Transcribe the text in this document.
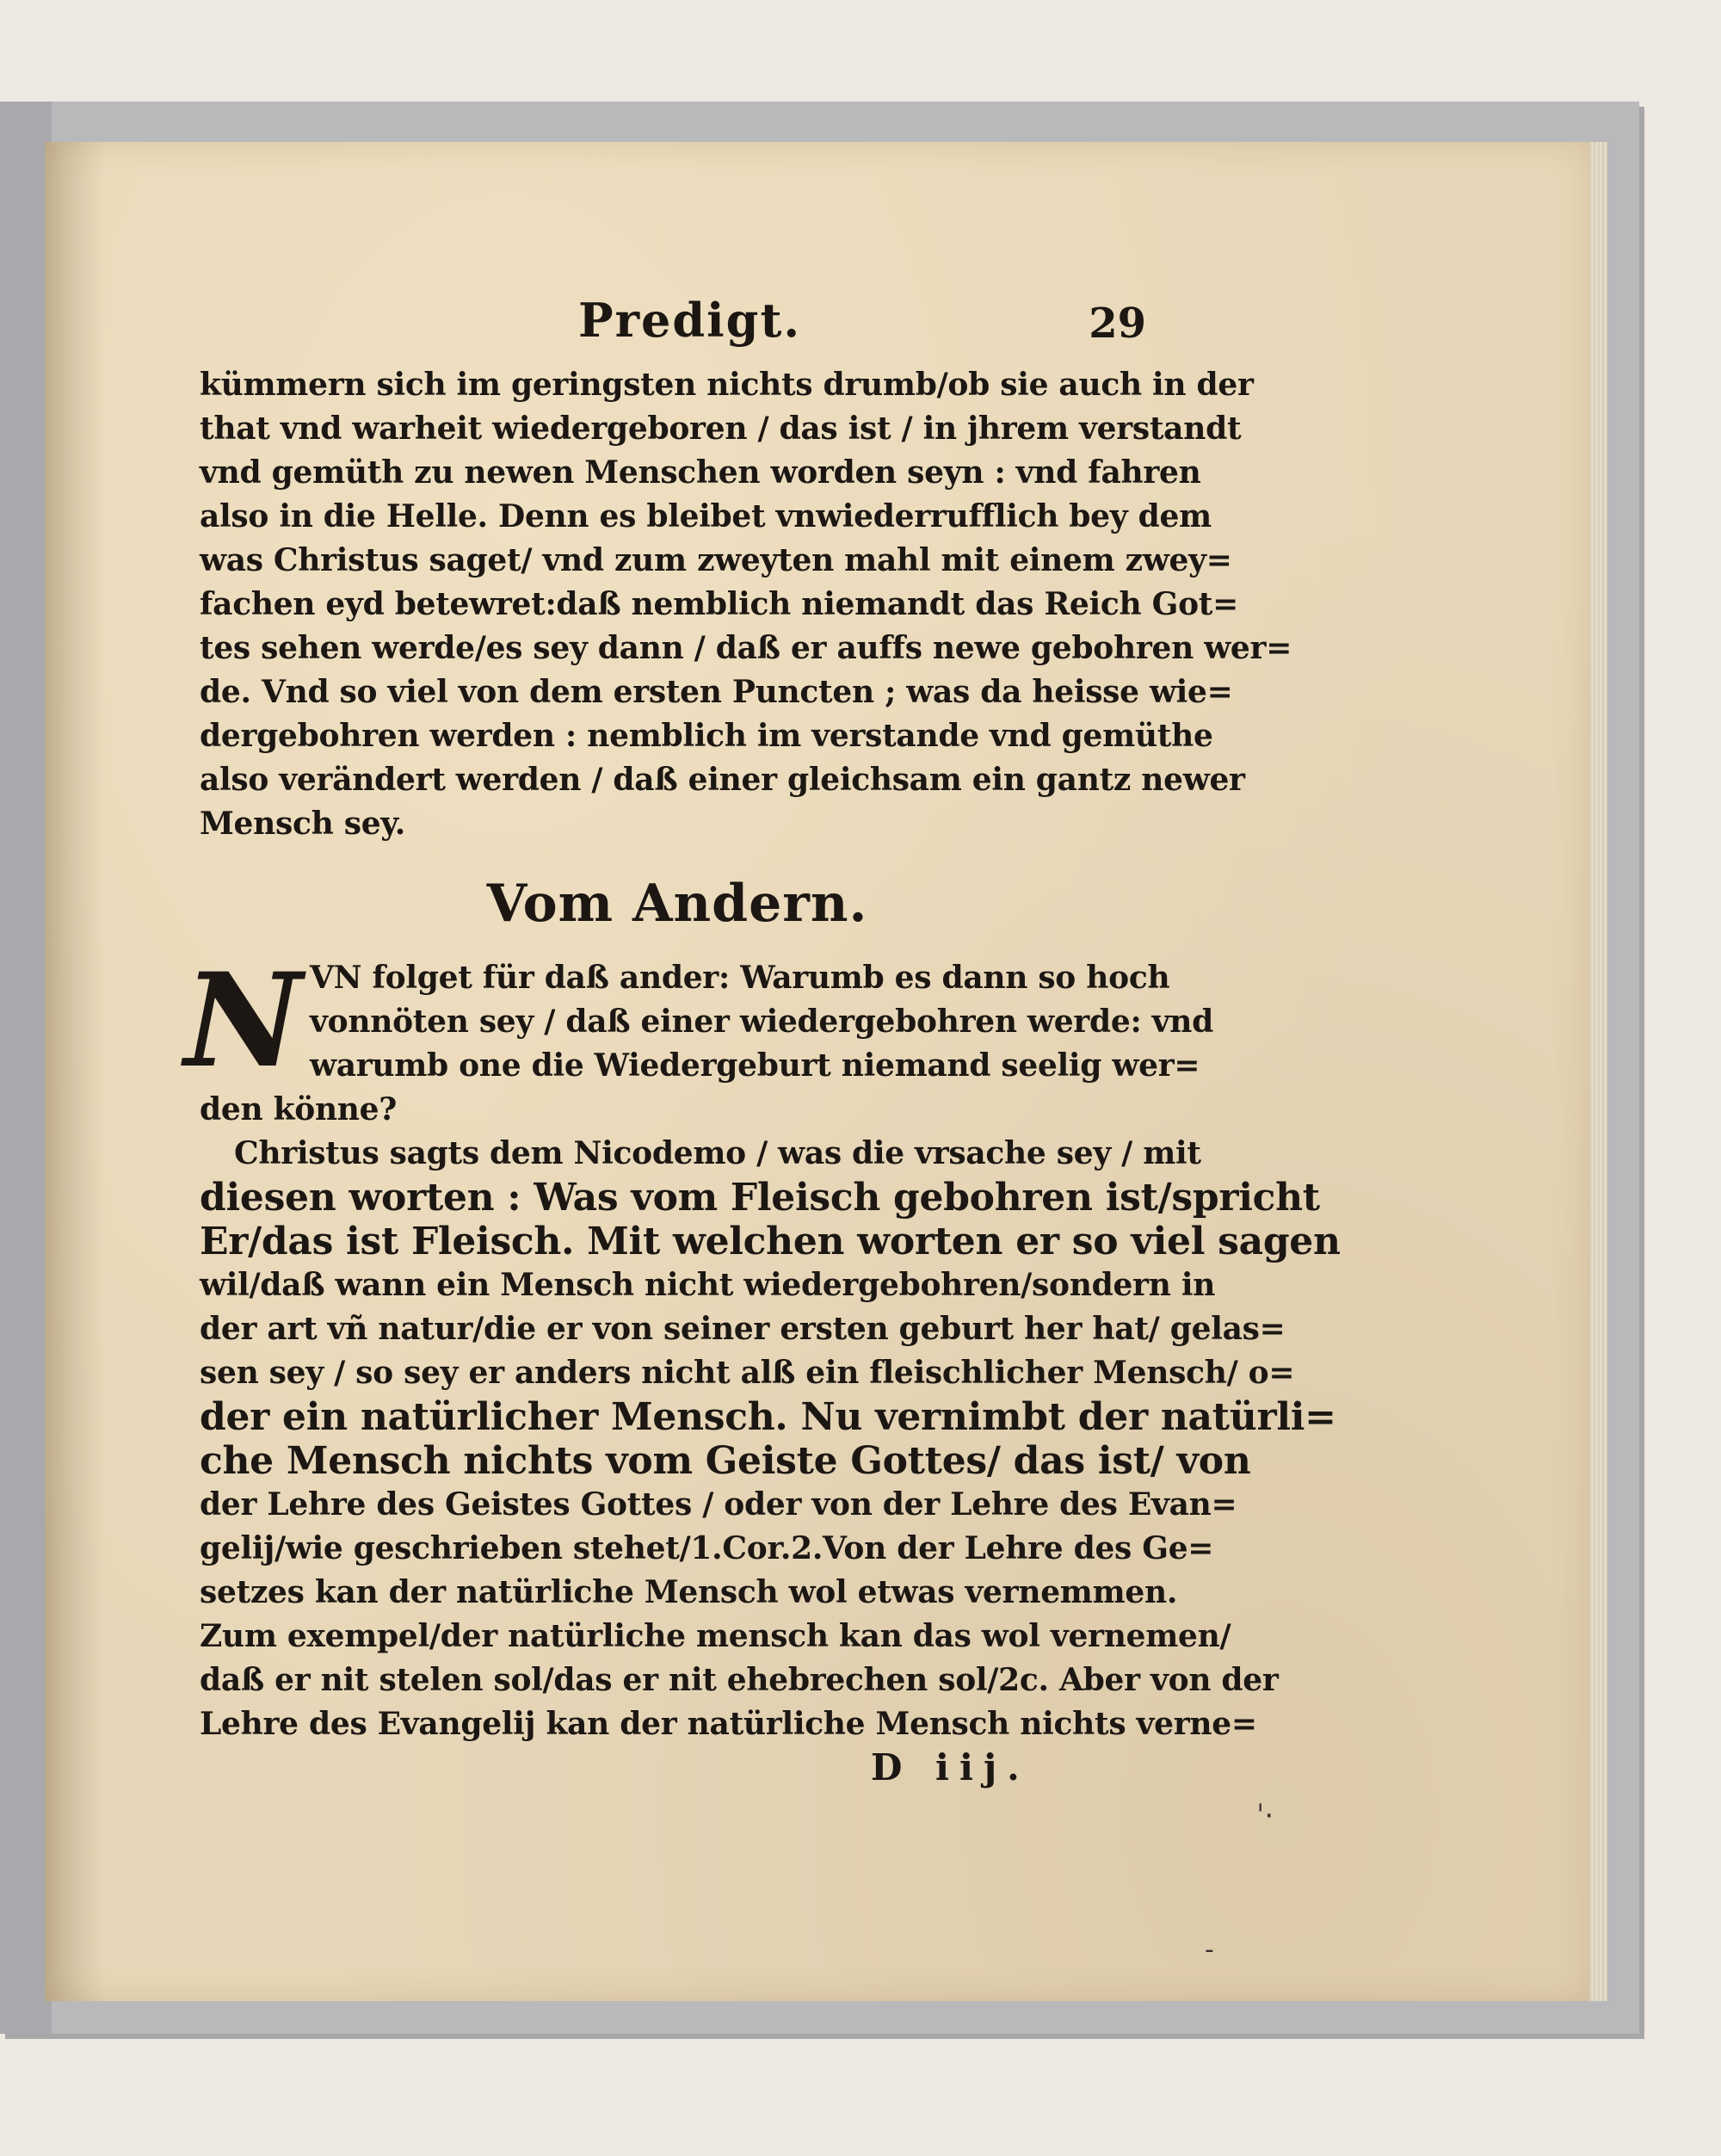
Predigt.	29
kümmern sich im geringsten nichts drumb/ob sie auch in der
that vnd warheit wiedergeboren / das ist / in jhrem verstandt
vnd gemüth zu newen Menschen worden seyn : vnd fahren
also in die Helle. Denn es bleibet vnwiederrufflich bey dem
was Christus saget/ vnd zum zweyten mahl mit einem zwey=
fachen eyd betewret:daß nemblich niemandt das Reich Got=
tes sehen werde/es sey dann / daß er auffs newe gebohren wer=
de. Vnd so viel von dem ersten Puncten ; was da heisse wie=
dergebohren werden : nemblich im verstande vnd gemüthe
also verändert werden / daß einer gleichsam ein gantz newer
Mensch sey.
Vom Andern.
N VN folget für daß ander: Warumb es dann so hoch
vonnöten sey / daß einer wiedergebohren werde: vnd
warumb one die Wiedergeburt niemand seelig wer=
den könne?
Christus sagts dem Nicodemo / was die vrsache sey / mit
diesen worten : Was vom Fleisch gebohren ist/spricht
Er/das ist Fleisch. Mit welchen worten er so viel sagen
wil/daß wann ein Mensch nicht wiedergebohren/sondern in
der art vñ natur/die er von seiner ersten geburt her hat/ gelas=
sen sey / so sey er anders nicht alß ein fleischlicher Mensch/ o=
der ein natürlicher Mensch. Nu vernimbt der natürli=
che Mensch nichts vom Geiste Gottes/ das ist/ von
der Lehre des Geistes Gottes / oder von der Lehre des Evan=
gelij/wie geschrieben stehet/1.Cor.2.Von der Lehre des Ge=
setzes kan der natürliche Mensch wol etwas vernemmen.
Zum exempel/der natürliche mensch kan das wol vernemen/
daß er nit stelen sol/das er nit ehebrechen sol/2c. Aber von der
Lehre des Evangelij kan der natürliche Mensch nichts verne=
D iij.
ˈ·
-
